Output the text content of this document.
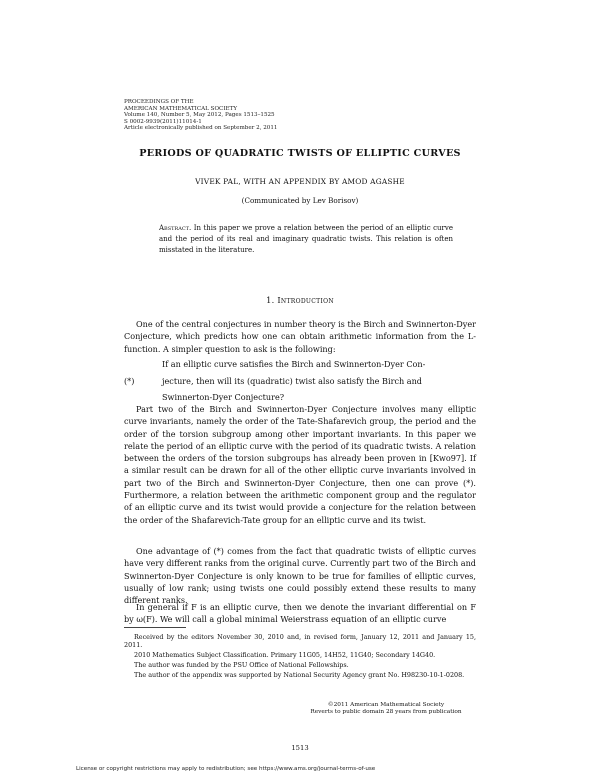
PROCEEDINGS OF THE
AMERICAN MATHEMATICAL SOCIETY
Volume 140, Number 5, May 2012, Pages 1513–1525
S 0002-9939(2011)11014-1
Article electronically published on September 2, 2011
PERIODS OF QUADRATIC TWISTS OF ELLIPTIC CURVES
VIVEK PAL, WITH AN APPENDIX BY AMOD AGASHE
(Communicated by Lev Borisov)
Abstract. In this paper we prove a relation between the period of an elliptic curve and the period of its real and imaginary quadratic twists. This relation is often misstated in the literature.
1. Introduction

One of the central conjectures in number theory is the Birch and Swinnerton-Dyer Conjecture, which predicts how one can obtain arithmetic information from the L-function. A simpler question to ask is the following:

(*)
If an elliptic curve satisfies the Birch and Swinnerton-Dyer Con-
jecture, then will its (quadratic) twist also satisfy the Birch and
Swinnerton-Dyer Conjecture?

Part two of the Birch and Swinnerton-Dyer Conjecture involves many elliptic curve invariants, namely the order of the Tate-Shafarevich group, the period and the order of the torsion subgroup among other important invariants. In this paper we relate the period of an elliptic curve with the period of its quadratic twists. A relation between the orders of the torsion subgroups has already been proven in [Kwo97]. If a similar result can be drawn for all of the other elliptic curve invariants involved in part two of the Birch and Swinnerton-Dyer Conjecture, then one can prove (*). Furthermore, a relation between the arithmetic component group and the regulator of an elliptic curve and its twist would provide a conjecture for the relation between the order of the Shafarevich-Tate group for an elliptic curve and its twist.

One advantage of (*) comes from the fact that quadratic twists of elliptic curves have very different ranks from the original curve. Currently part two of the Birch and Swinnerton-Dyer Conjecture is only known to be true for families of elliptic curves, usually of low rank; using twists one could possibly extend these results to many different ranks.

In general if F is an elliptic curve, then we denote the invariant differential on F by ω(F). We will call a global minimal Weierstrass equation of an elliptic curve

Received by the editors November 30, 2010 and, in revised form, January 12, 2011 and January 15, 2011.

2010 Mathematics Subject Classification. Primary 11G05, 14H52, 11G40; Secondary 14G40.

The author was funded by the PSU Office of National Fellowships.

The author of the appendix was supported by National Security Agency grant No. H98230-10-1-0208.

©2011 American Mathematical Society
Reverts to public domain 28 years from publication
1513
License or copyright restrictions may apply to redistribution; see https://www.ams.org/journal-terms-of-use
